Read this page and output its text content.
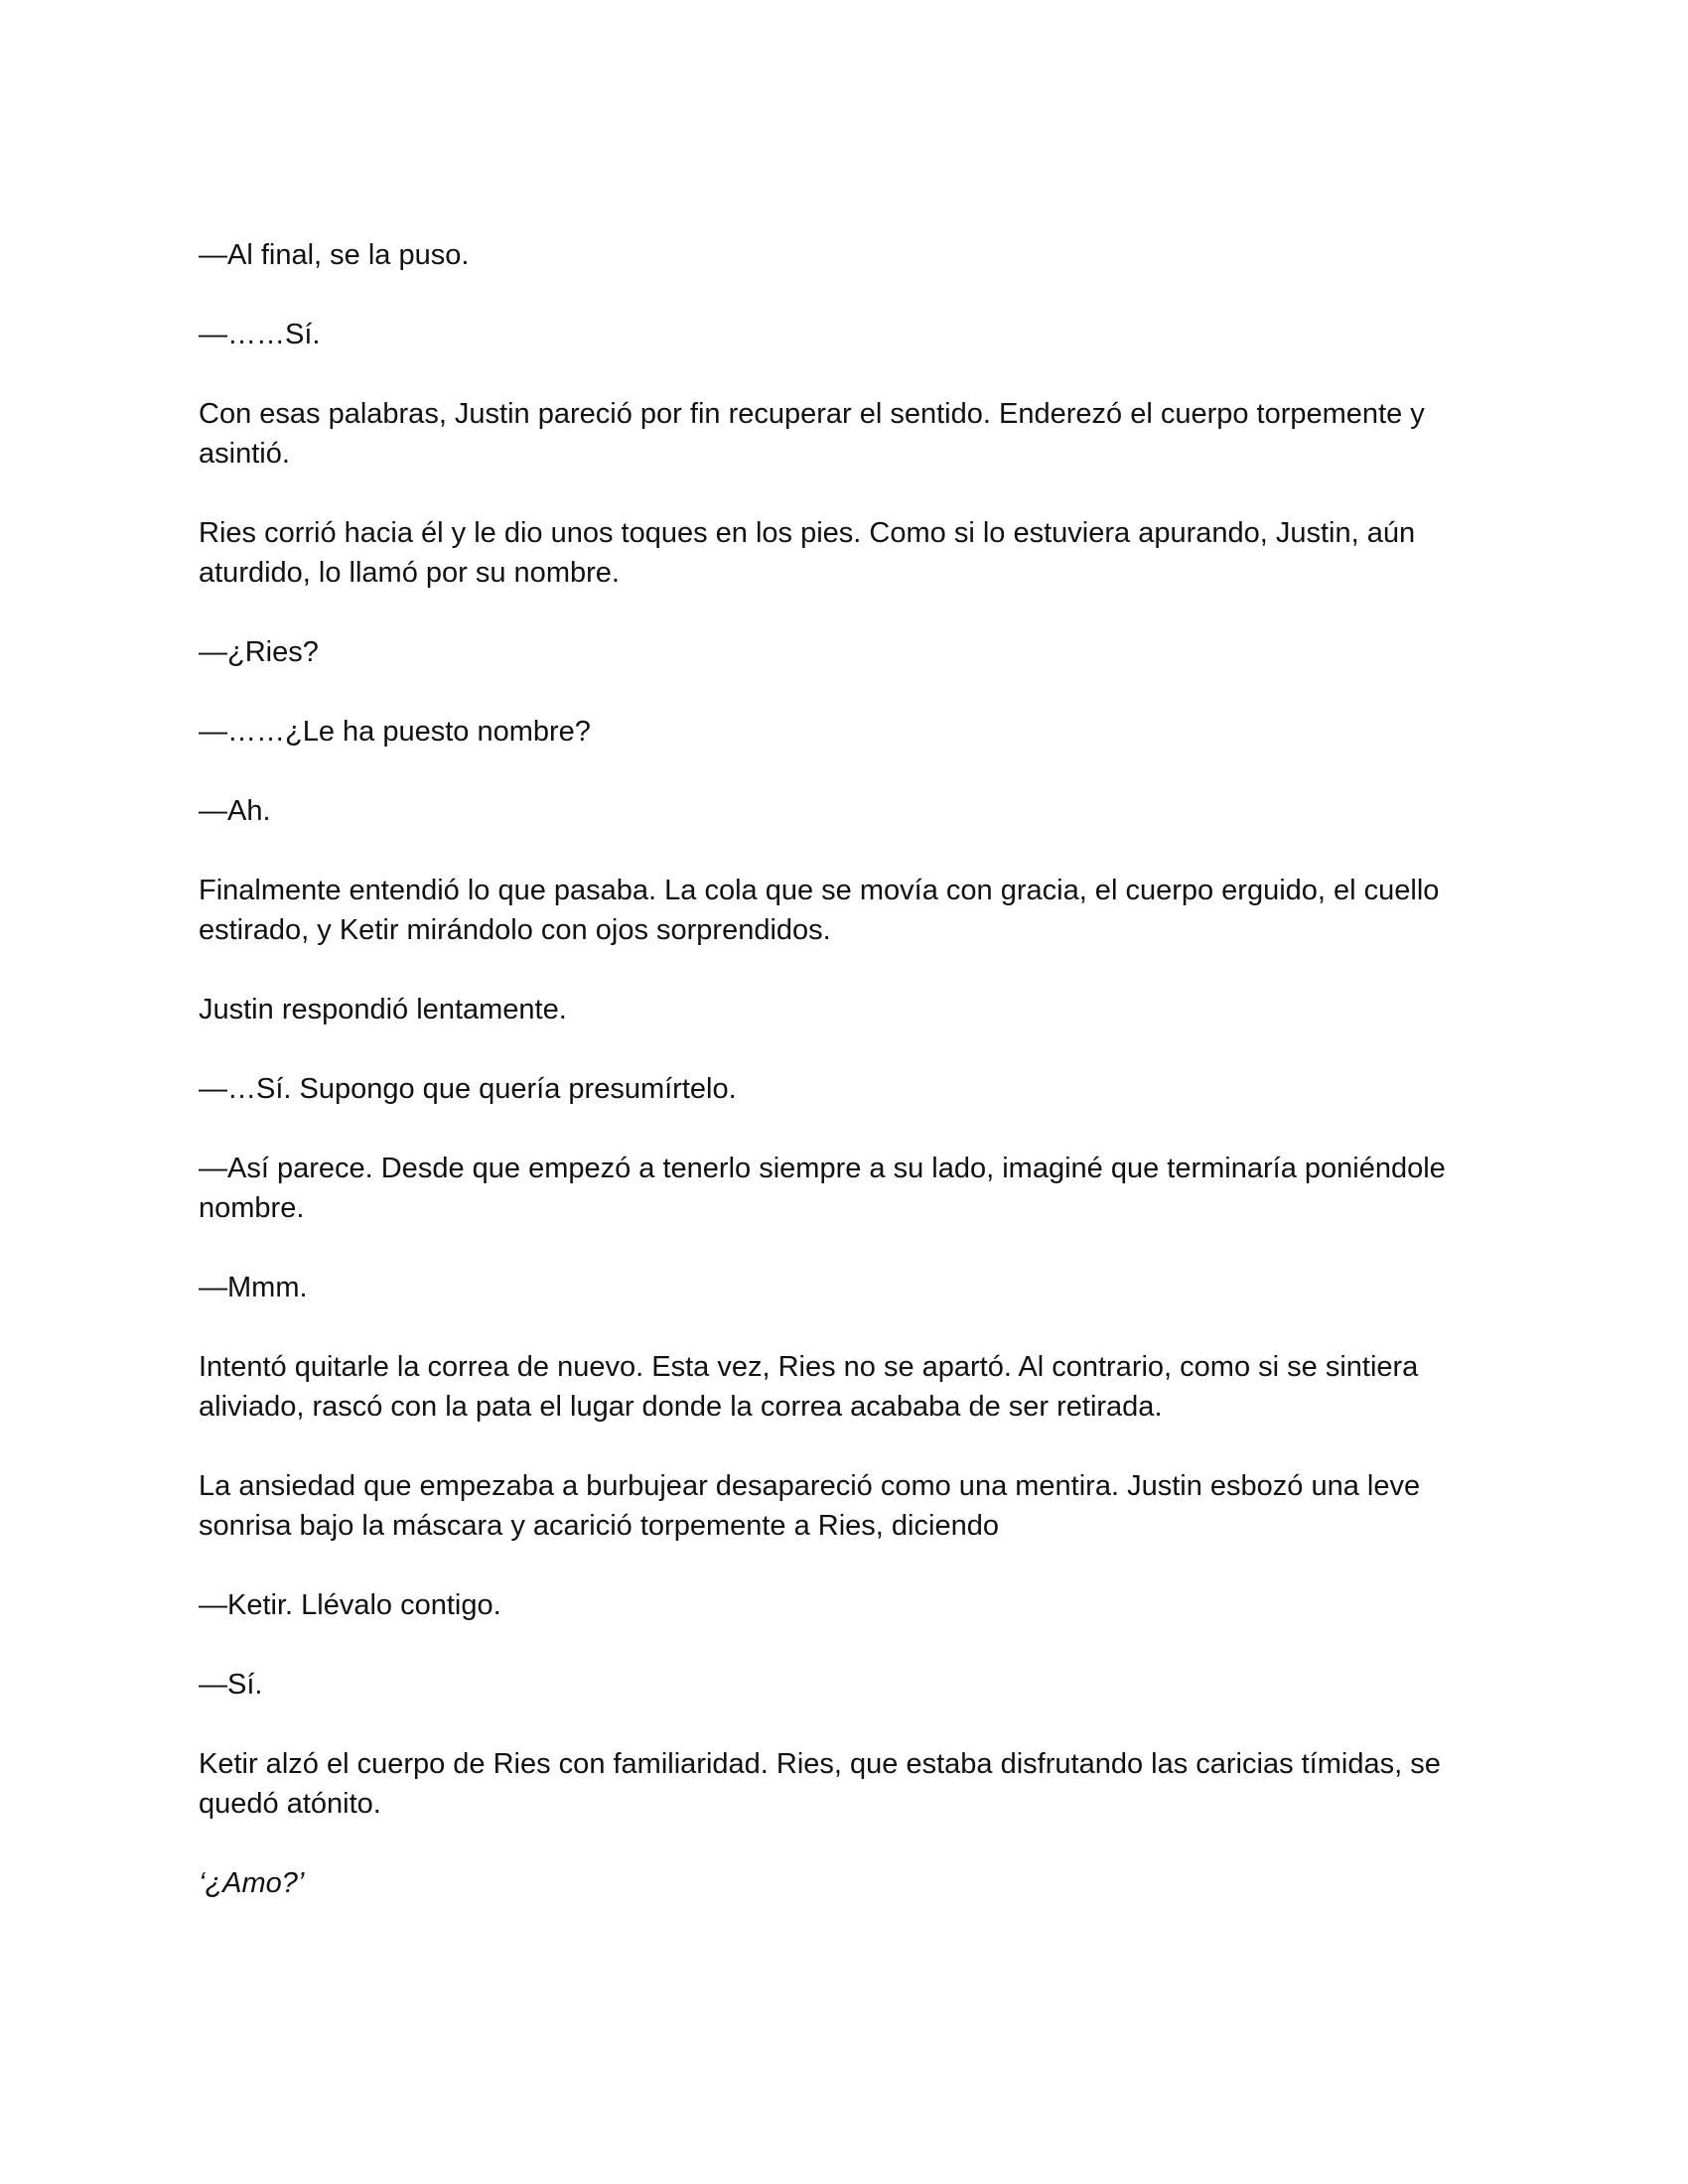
—Al final, se la puso.

—……Sí.

Con esas palabras, Justin pareció por fin recuperar el sentido. Enderezó el cuerpo torpemente y asintió.

Ries corrió hacia él y le dio unos toques en los pies. Como si lo estuviera apurando, Justin, aún aturdido, lo llamó por su nombre.

—¿Ries?

—……¿Le ha puesto nombre?

—Ah.

Finalmente entendió lo que pasaba. La cola que se movía con gracia, el cuerpo erguido, el cuello estirado, y Ketir mirándolo con ojos sorprendidos.

Justin respondió lentamente.

—…Sí. Supongo que quería presumírtelo.

—Así parece. Desde que empezó a tenerlo siempre a su lado, imaginé que terminaría poniéndole nombre.

—Mmm.

Intentó quitarle la correa de nuevo. Esta vez, Ries no se apartó. Al contrario, como si se sintiera aliviado, rascó con la pata el lugar donde la correa acababa de ser retirada.

La ansiedad que empezaba a burbujear desapareció como una mentira. Justin esbozó una leve sonrisa bajo la máscara y acarició torpemente a Ries, diciendo

—Ketir. Llévalo contigo.

—Sí.

Ketir alzó el cuerpo de Ries con familiaridad. Ries, que estaba disfrutando las caricias tímidas, se quedó atónito.

‘¿Amo?’
